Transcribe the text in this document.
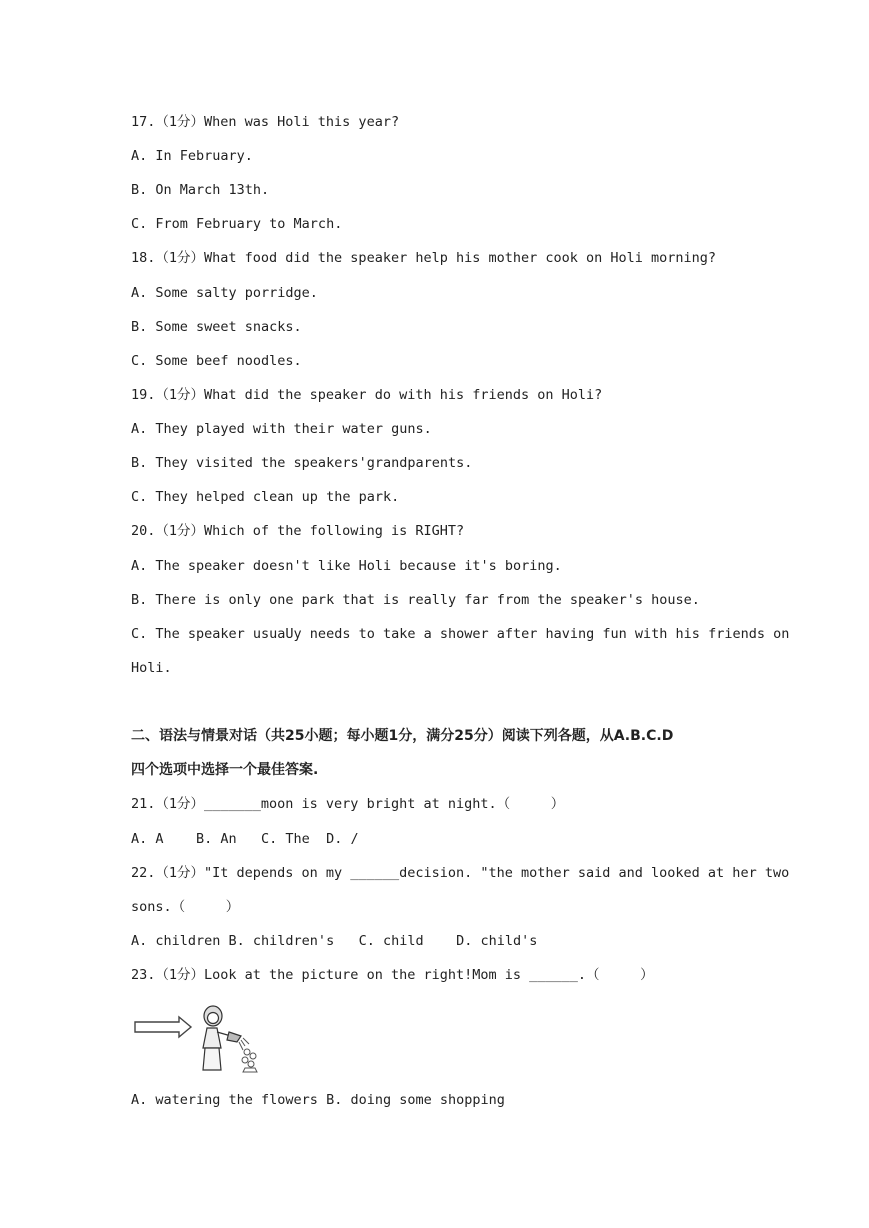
17.（1分）When was Holi this year?
A. In February.
B. On March 13th.
C. From February to March.
18.（1分）What food did the speaker help his mother cook on Holi morning?
A. Some salty porridge.
B. Some sweet snacks.
C. Some beef noodles.
19.（1分）What did the speaker do with his friends on Holi?
A. They played with their water guns.
B. They visited the speakers'grandparents.
C. They helped clean up the park.
20.（1分）Which of the following is RIGHT?
A. The speaker doesn't like Holi because it's boring.
B. There is only one park that is really far from the speaker's house.
C. The speaker usuaUy needs to take a shower after having fun with his friends on
Holi.
二、语法与情景对话（共25小题；每小题1分，满分25分）阅读下列各题，从A.B.C.D
四个选项中选择一个最佳答案.
21.（1分）_______moon is very bright at night.（     ）
A. A    B. An   C. The  D. /
22.（1分）"It depends on my ______decision. "the mother said and looked at her two
sons.（     ）
A. children B. children's   C. child    D. child's
23.（1分）Look at the picture on the right!Mom is ______.（     ）
A. watering the flowers B. doing some shopping
